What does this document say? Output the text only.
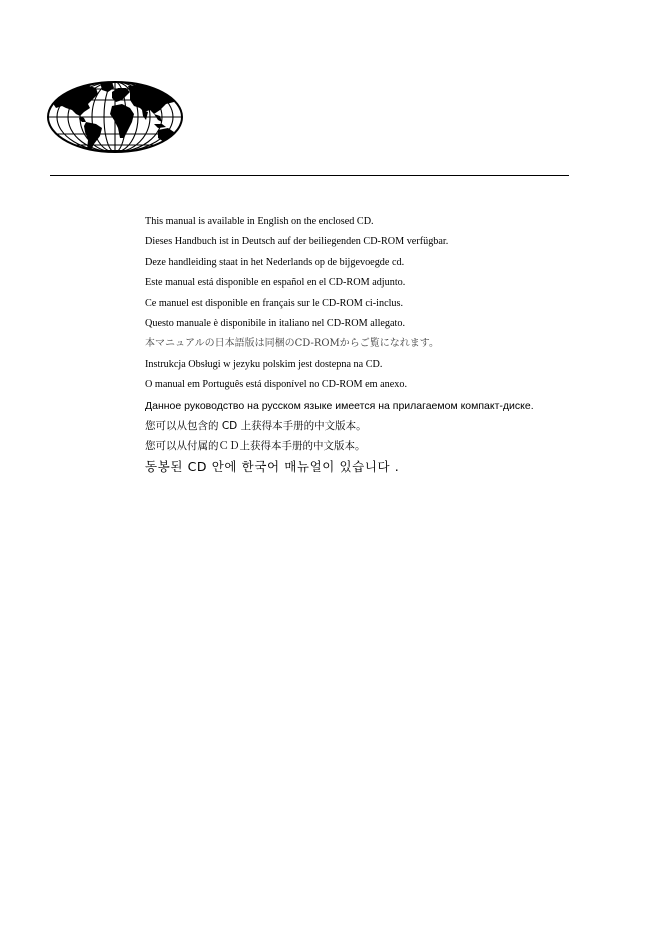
This manual is available in English on the enclosed CD.
Dieses Handbuch ist in Deutsch auf der beiliegenden CD-ROM verfügbar.
Deze handleiding staat in het Nederlands op de bijgevoegde cd.
Este manual está disponible en español en el CD-ROM adjunto.
Ce manuel est disponible en français sur le CD-ROM ci-inclus.
Questo manuale è disponibile in italiano nel CD-ROM allegato.
本マニュアルの日本語版は同梱のCD-ROMからご覧になれます。
Instrukcja Obsługi w jezyku polskim jest dostepna na CD.
O manual em Português está disponível no CD-ROM em anexo.
Данное руководство на русском языке имеется на прилагаемом компакт-диске.
您可以从包含的 CD 上获得本手册的中文版本。
您可以从付属的ＣＤ上获得本手册的中文版本。
동봉된 CD 안에 한국어 매뉴얼이 있습니다 .
